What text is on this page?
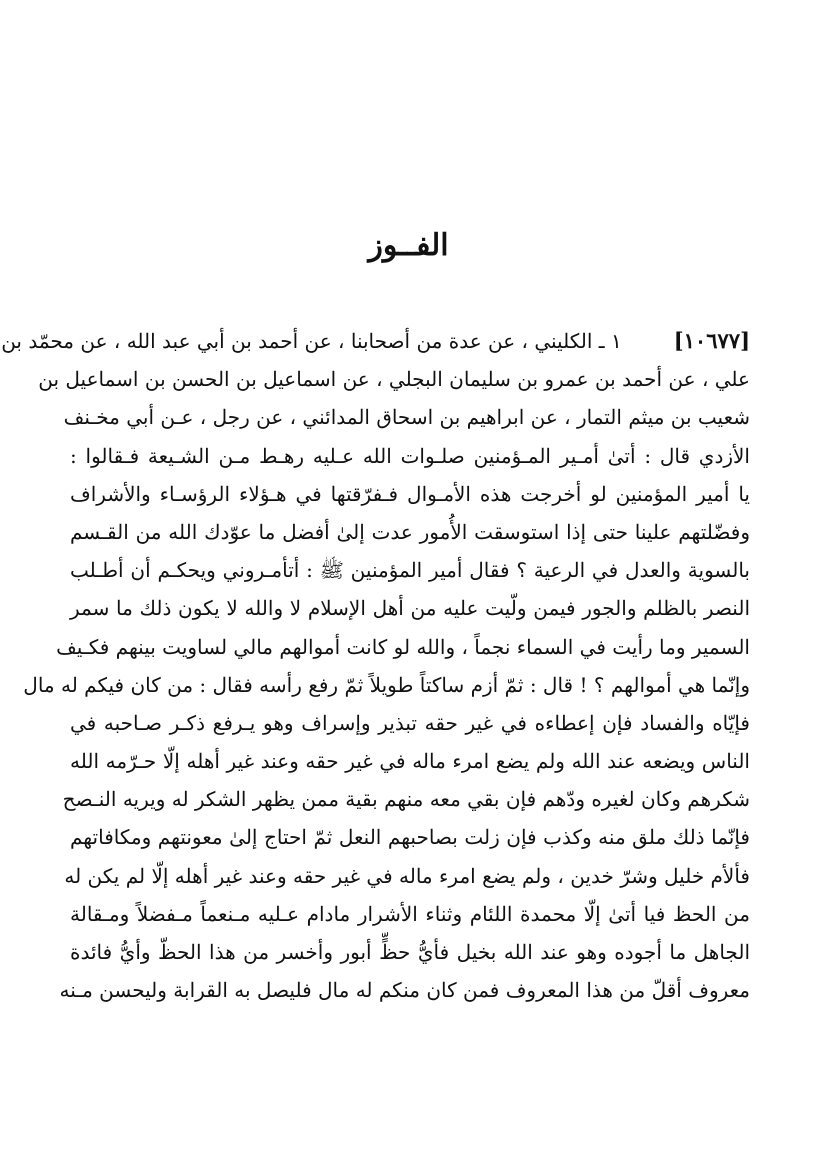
الفــوز
[١٠٦٧٧]١ ـ الكليني ، عن عدة من أصحابنا ، عن أحمد بن أبي عبد الله ، عن محمّد بن
علي ، عن أحمد بن عمرو بن سليمان البجلي ، عن اسماعيل بن الحسن بن اسماعيل بن
شعيب بن ميثم التمار ، عن ابراهيم بن اسحاق المدائني ، عن رجل ، عـن أبي مخـنف
الأزدي قال : أتىٰ أمـير المـؤمنين صلـوات الله عـليه رهـط مـن الشـيعة فـقالوا :
يا أمير المؤمنين لو أخرجت هذه الأمـوال فـفرّقتها في هـؤلاء الرؤسـاء والأشراف
وفضّلتهم علينا حتى إذا استوسقت الأُمور عدت إلىٰ أفضل ما عوّدك الله من القـسم
بالسوية والعدل في الرعية ؟ فقال أمير المؤمنين ﷺ : أتأمـروني ويحكـم أن أطـلب
النصر بالظلم والجور فيمن ولّيت عليه من أهل الإسلام لا والله لا يكون ذلك ما سمر
السمير وما رأيت في السماء نجماً ، والله لو كانت أموالهم مالي لساويت بينهم فكـيف
وإنّما هي أموالهم ؟ ! قال : ثمّ أزم ساكتاً طويلاً ثمّ رفع رأسه فقال : من كان فيكم له مال
فإيّاه والفساد فإن إعطاءه في غير حقه تبذير وإسراف وهو يـرفع ذكـر صـاحبه في
الناس ويضعه عند الله ولم يضع امرء ماله في غير حقه وعند غير أهله إلّا حـرّمه الله
شكرهم وكان لغيره ودّهم فإن بقي معه منهم بقية ممن يظهر الشكر له ويريه النـصح
فإنّما ذلك ملق منه وكذب فإن زلت بصاحبهم النعل ثمّ احتاج إلىٰ معونتهم ومكافاتهم
فألأم خليل وشرّ خدين ، ولم يضع امرء ماله في غير حقه وعند غير أهله إلّا لم يكن له
من الحظ فيا أتىٰ إلّا محمدة اللئام وثناء الأشرار مادام عـليه مـنعماً مـفضلاً ومـقالة
الجاهل ما أجوده وهو عند الله بخيل فأيُّ حظٍّ أبور وأخسر من هذا الحظّ وأيُّ فائدة
معروف أقلّ من هذا المعروف فمن كان منكم له مال فليصل به القرابة وليحسن مـنه
